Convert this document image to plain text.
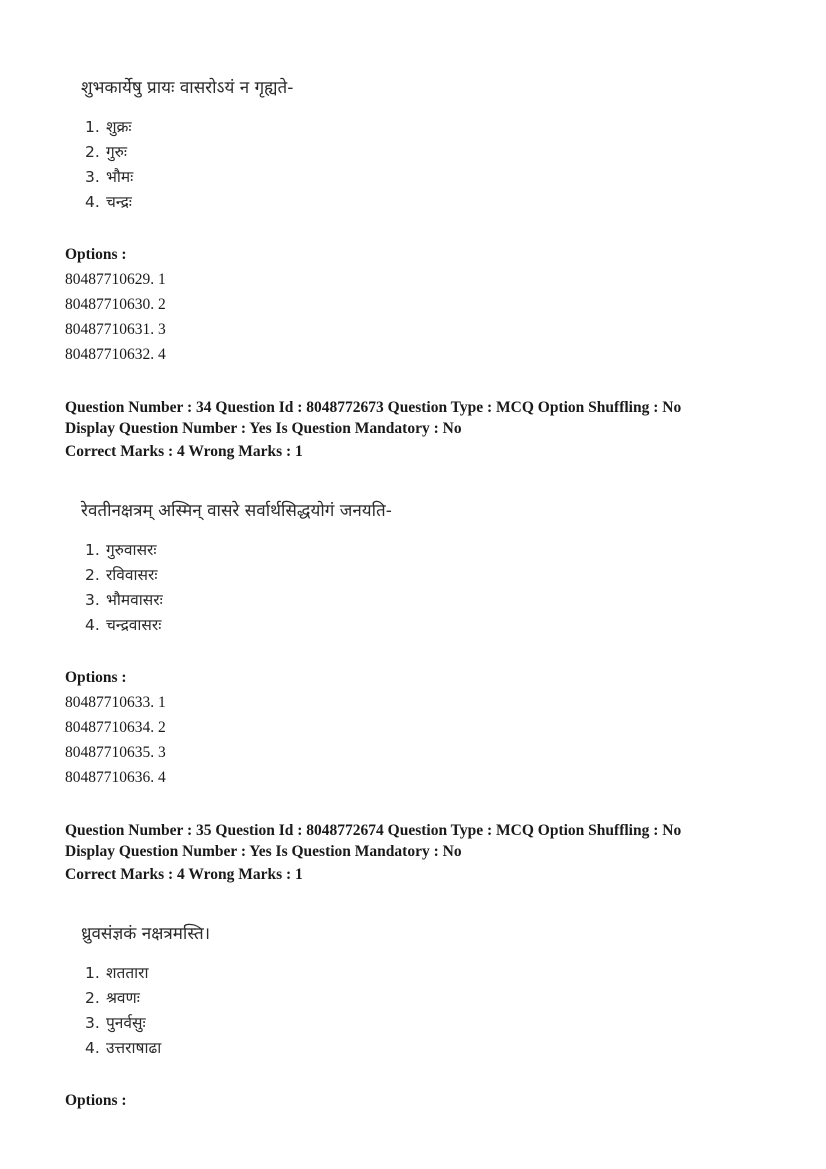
शुभकार्येषु प्रायः वासरोऽयं न गृह्यते-
1. शुक्रः
2. गुरुः
3. भौमः
4. चन्द्रः

Options :

80487710629. 1
80487710630. 2
80487710631. 3
80487710632. 4
Question Number : 34 Question Id : 8048772673 Question Type : MCQ Option Shuffling : No
Display Question Number : Yes Is Question Mandatory : No
Correct Marks : 4 Wrong Marks : 1
रेवतीनक्षत्रम् अस्मिन् वासरे सर्वार्थसिद्धयोगं जनयति-
1. गुरुवासरः
2. रविवासरः
3. भौमवासरः
4. चन्द्रवासरः

Options :

80487710633. 1
80487710634. 2
80487710635. 3
80487710636. 4
Question Number : 35 Question Id : 8048772674 Question Type : MCQ Option Shuffling : No
Display Question Number : Yes Is Question Mandatory : No
Correct Marks : 4 Wrong Marks : 1
ध्रुवसंज्ञकं नक्षत्रमस्ति।
1. शततारा
2. श्रवणः
3. पुनर्वसुः
4. उत्तराषाढा

Options :
